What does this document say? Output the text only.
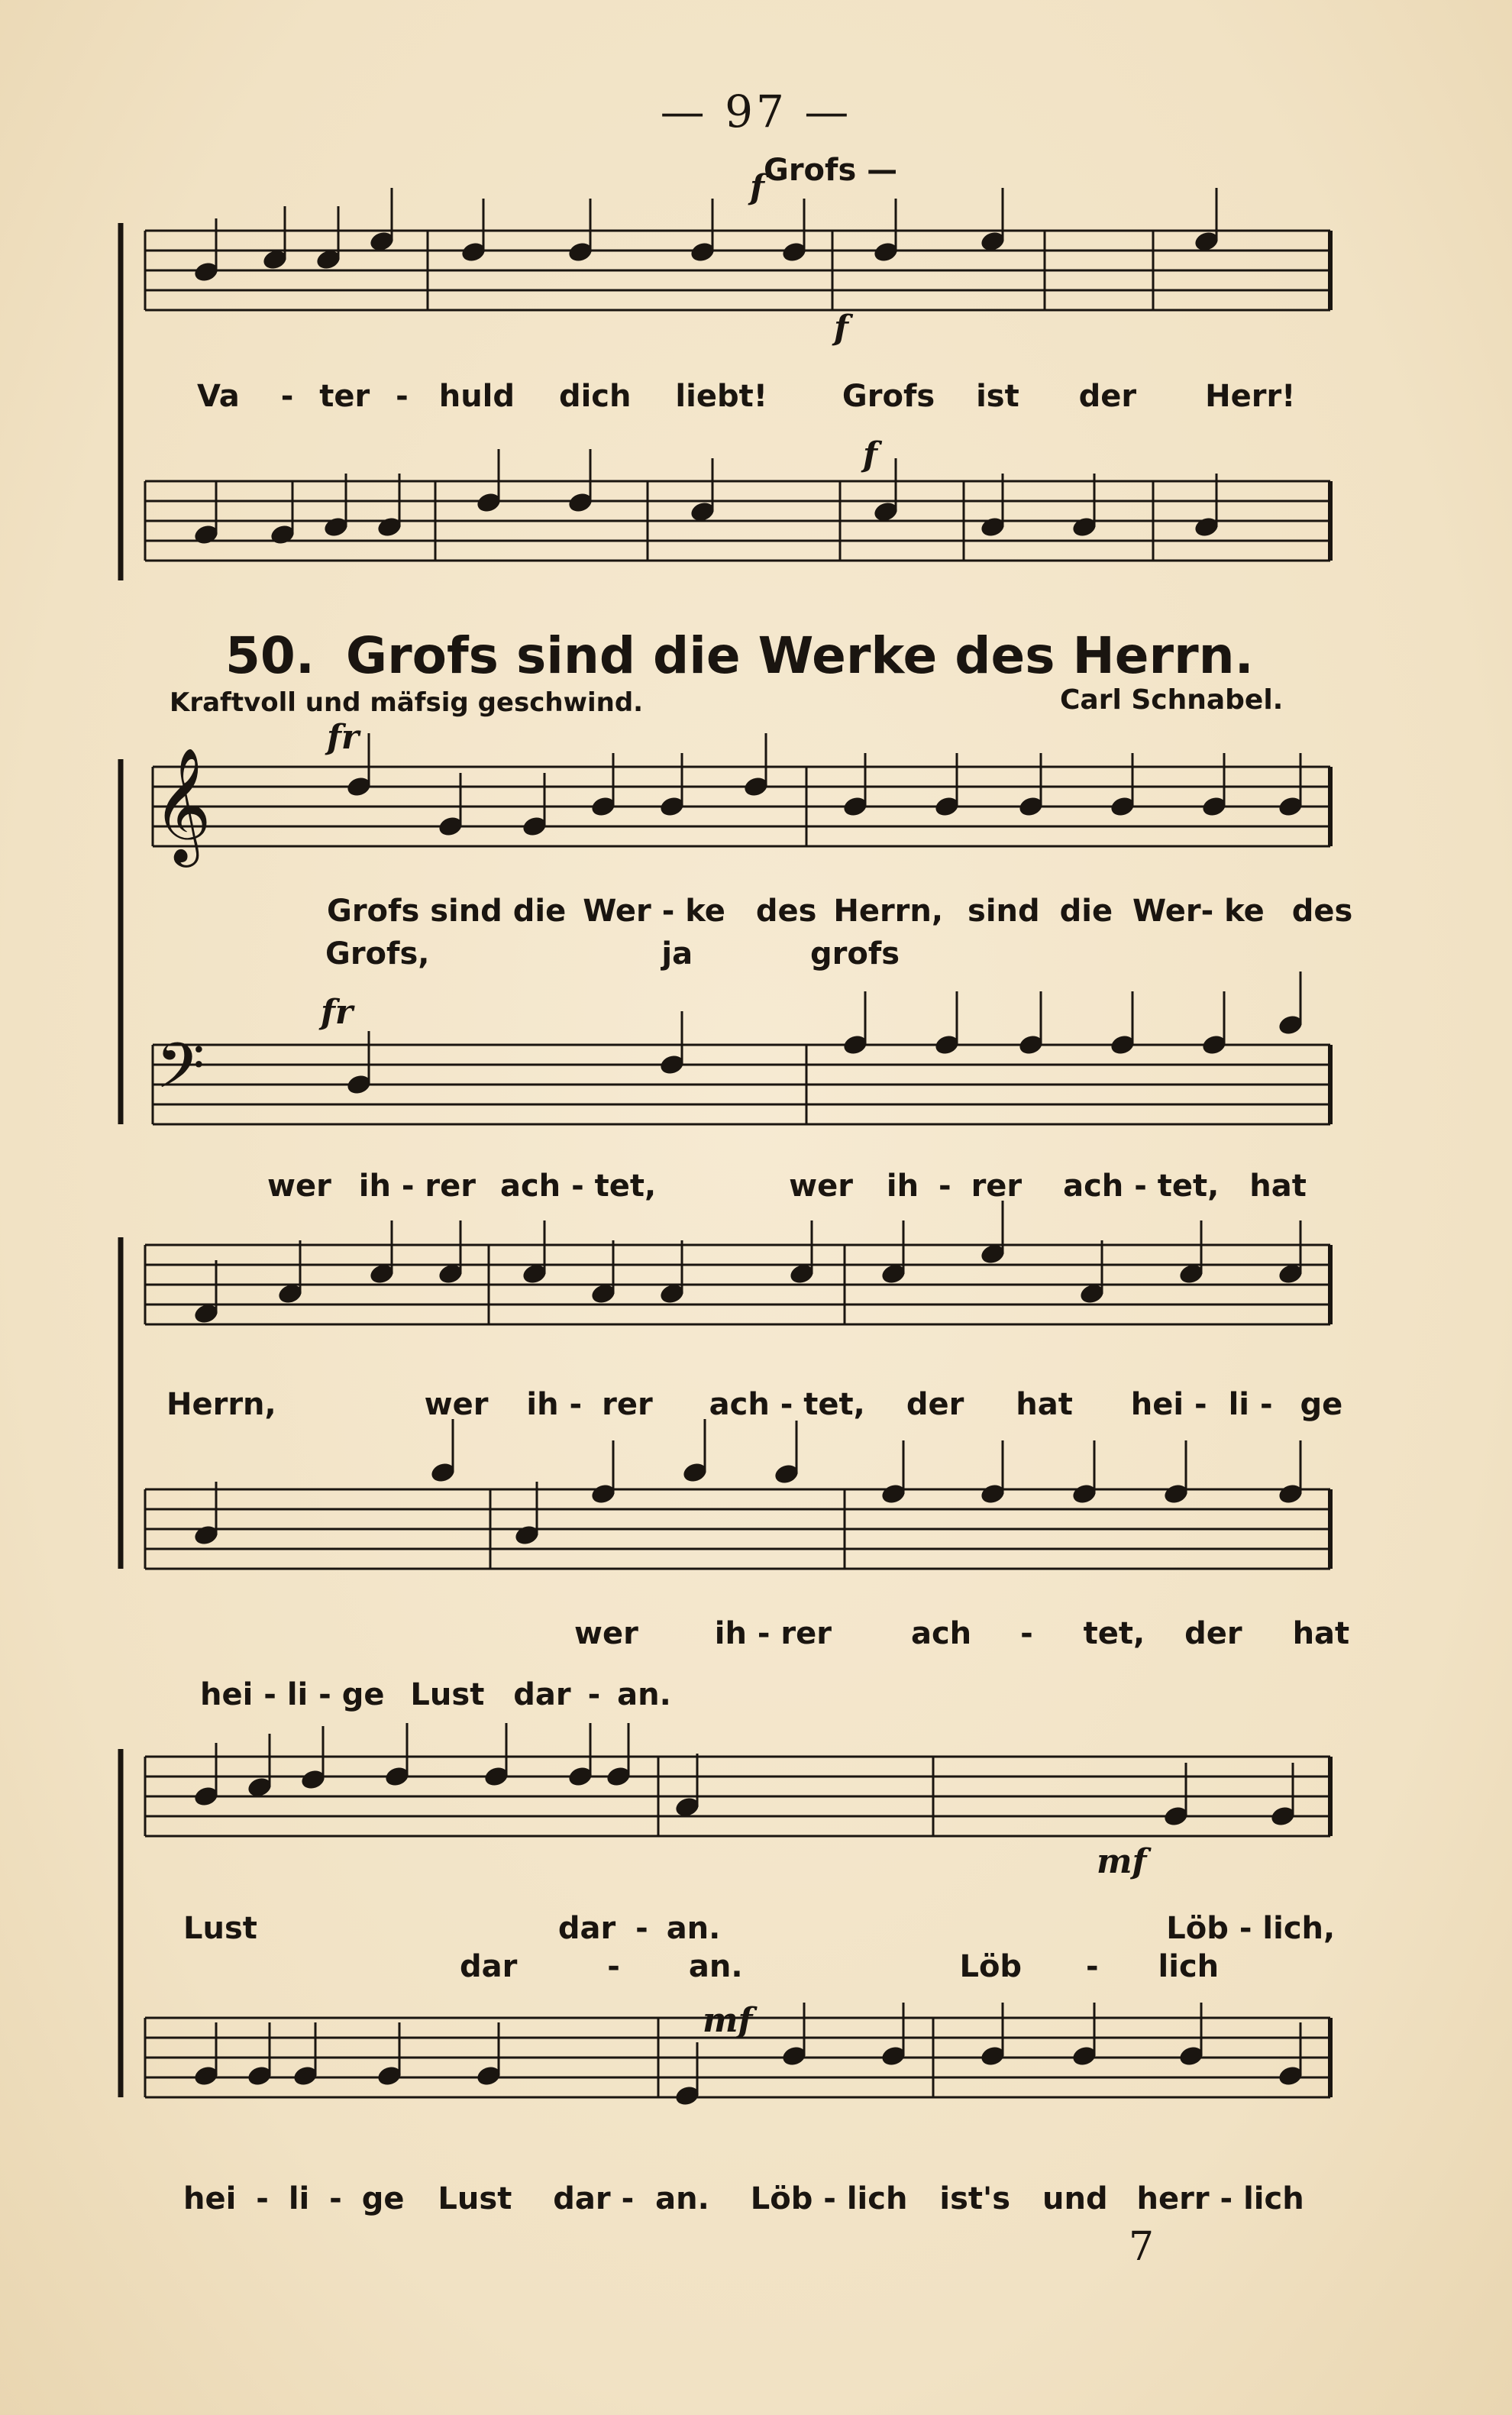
— 97 —
𝄞
𝄢
Va - ter - huld dich liebt! Grofs ist der Herr!
f Grofs —
f
f
50. Grofs sind die Werke des Herrn.
Kraftvoll und mäfsig geschwind.	Carl Schnabel.
fr
fr
Grofs sind die Wer - ke des Herrn, sind die Wer- ke des
Grofs,	ja	grofs
wer ih - rer ach - tet,	wer ih - rer ach - tet, hat
Herrn,	wer ih - rer ach - tet, der hat hei - li - ge
wer ih - rer	ach - tet, der hat
hei - li - ge Lust dar - an.
Lust	dar - an.	Löb - lich,
dar	- an.	Löb - lich
hei - li - ge Lust dar - an. Löb - lich ist's und herr - lich
mf
mf
7
